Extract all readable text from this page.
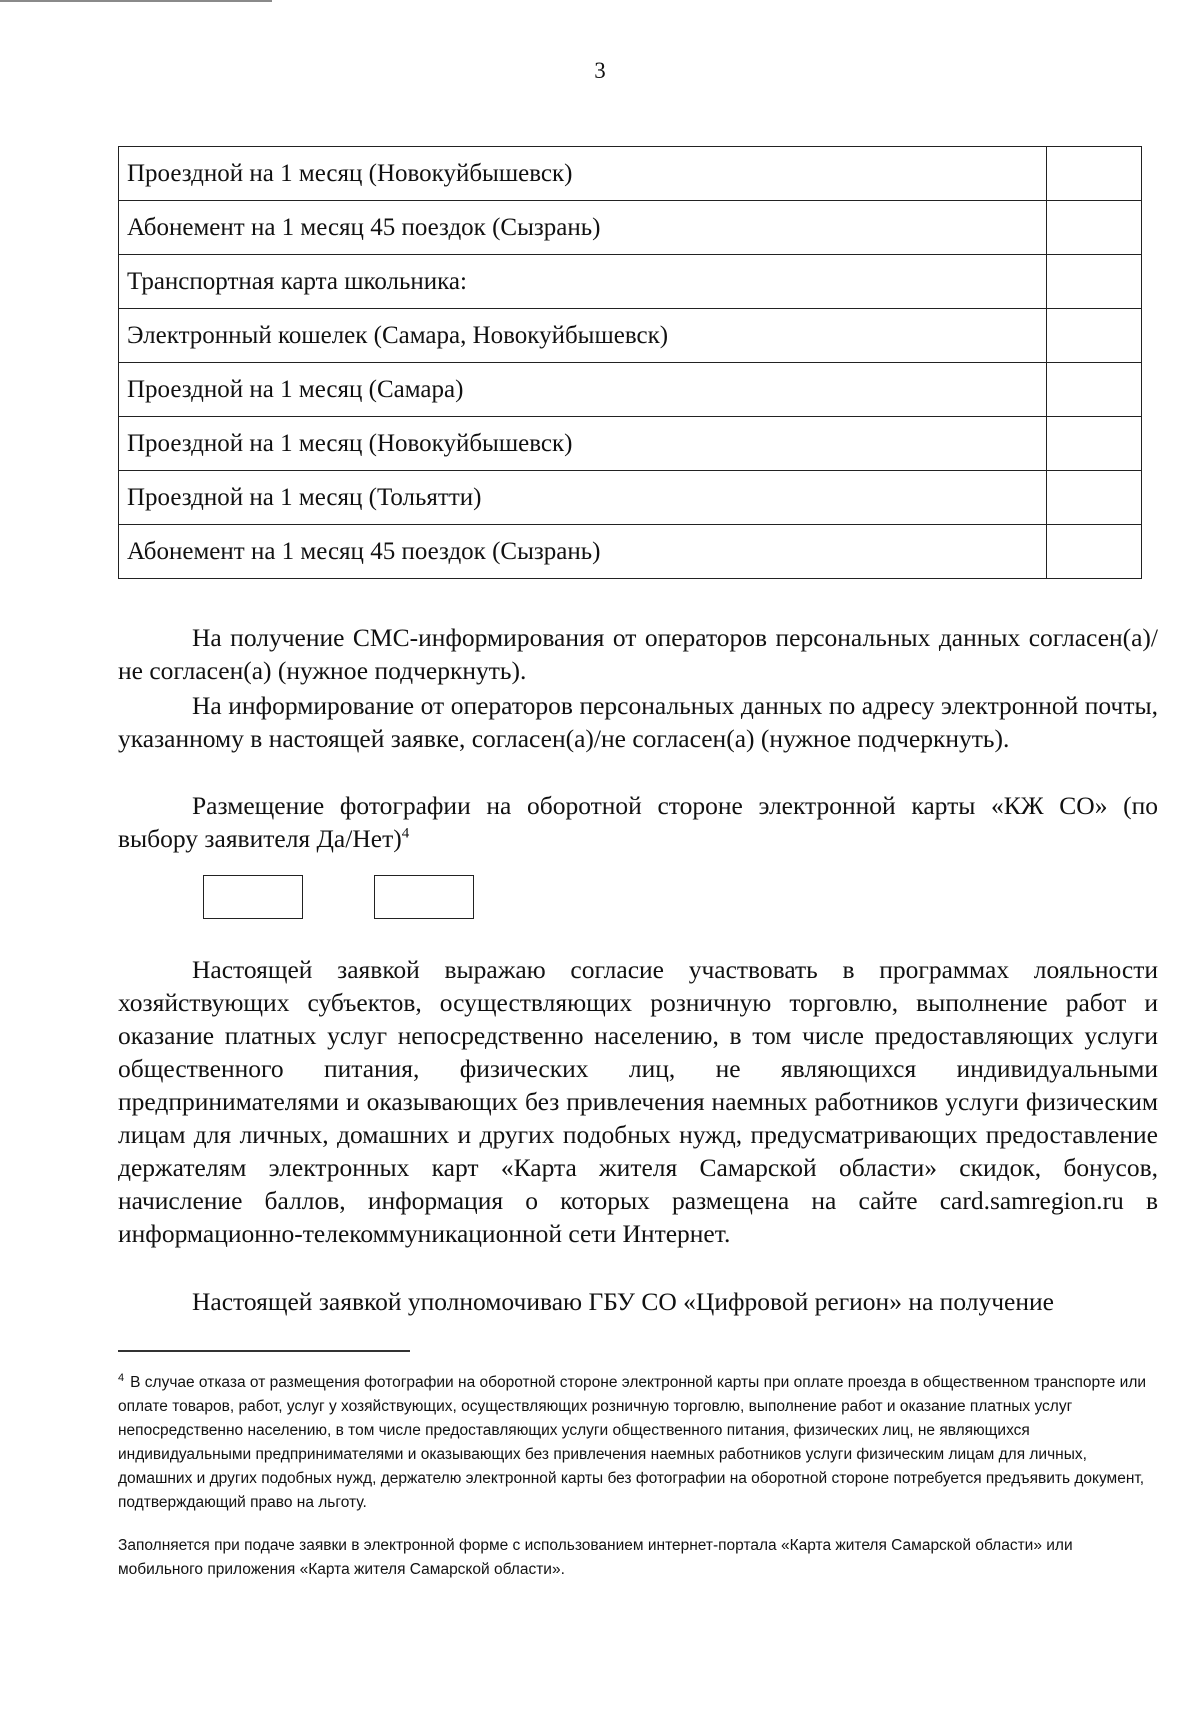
3
Проездной на 1 месяц (Новокуйбышевск)	
Абонемент на 1 месяц 45 поездок (Сызрань)	
Транспортная карта школьника:	
Электронный кошелек (Самара, Новокуйбышевск)	
Проездной на 1 месяц (Самара)	
Проездной на 1 месяц (Новокуйбышевск)	
Проездной на 1 месяц (Тольятти)	
Абонемент на 1 месяц 45 поездок (Сызрань)	

На получение СМС-информирования от операторов персональных данных согласен(а)/не согласен(а) (нужное подчеркнуть).

На информирование от операторов персональных данных по адресу электронной почты, указанному в настоящей заявке, согласен(а)/не согласен(а) (нужное подчеркнуть).

Размещение фотографии на оборотной стороне электронной карты «КЖ СО» (по выбору заявителя Да/Нет)$^4$

Настоящей заявкой выражаю согласие участвовать в программах лояльности хозяйствующих субъектов, осуществляющих розничную торговлю, выполнение работ и оказание платных услуг непосредственно населению, в том числе предоставляющих услуги общественного питания, физических лиц, не являющихся индивидуальными предпринимателями и оказывающих без привлечения наемных работников услуги физическим лицам для личных, домашних и других подобных нужд, предусматривающих предоставление держателям электронных карт «Карта жителя Самарской области» скидок, бонусов, начисление баллов, информация о которых размещена на сайте card.samregion.ru в информационно-телекоммуникационной сети Интернет.

Настоящей заявкой уполномочиваю ГБУ СО «Цифровой регион» на получение

$^4$ В случае отказа от размещения фотографии на оборотной стороне электронной карты при оплате проезда в общественном транспорте или оплате товаров, работ, услуг у хозяйствующих, осуществляющих розничную торговлю, выполнение работ и оказание платных услуг непосредственно населению, в том числе предоставляющих услуги общественного питания, физических лиц, не являющихся индивидуальными предпринимателями и оказывающих без привлечения наемных работников услуги физическим лицам для личных, домашних и других подобных нужд, держателю электронной карты без фотографии на оборотной стороне потребуется предъявить документ, подтверждающий право на льготу.
Заполняется при подаче заявки в электронной форме с использованием интернет-портала «Карта жителя Самарской области» или мобильного приложения «Карта жителя Самарской области».
